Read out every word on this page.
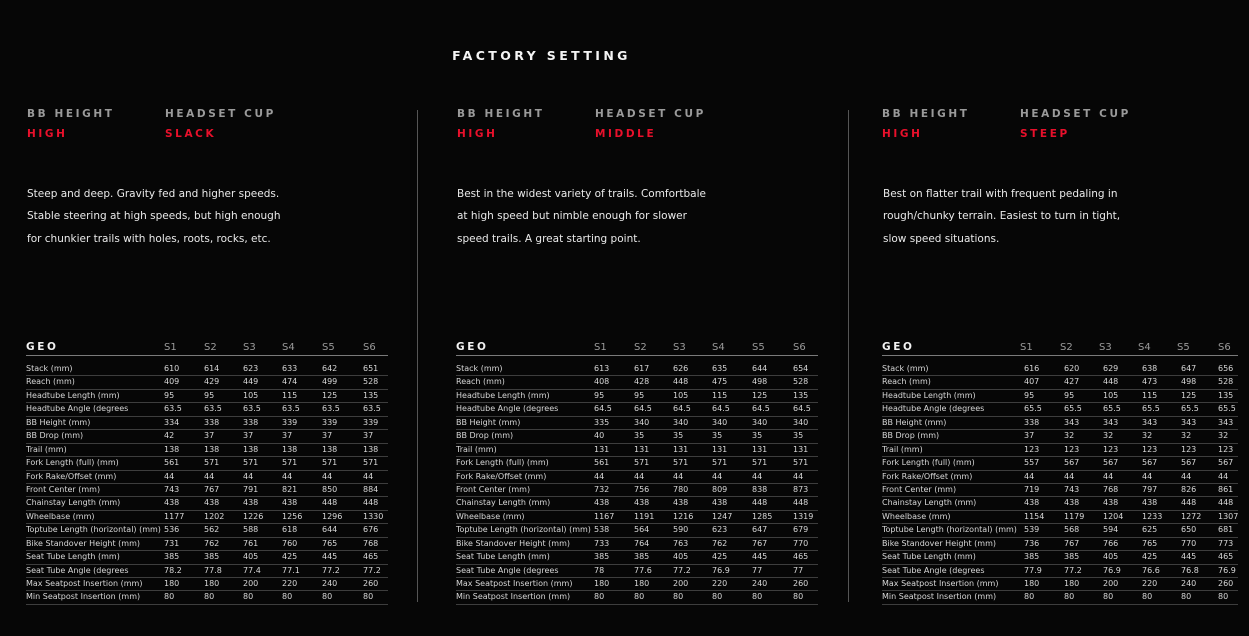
FACTORY SETTING
BB HEIGHT	HEADSET CUP
HIGH	SLACK
Steep and deep. Gravity fed and higher speeds.
Stable steering at high speeds, but high enough
for chunkier trails with holes, roots, rocks, etc.
GEO	S1	S2	S3	S4	S5	S6
Stack (mm)	610	614	623	633	642	651
Reach (mm)	409	429	449	474	499	528
Headtube Length (mm)	95	95	105	115	125	135
Headtube Angle (degrees	63.5	63.5	63.5	63.5	63.5	63.5
BB Height (mm)	334	338	338	339	339	339
BB Drop (mm)	42	37	37	37	37	37
Trail (mm)	138	138	138	138	138	138
Fork Length (full) (mm)	561	571	571	571	571	571
Fork Rake/Offset (mm)	44	44	44	44	44	44
Front Center (mm)	743	767	791	821	850	884
Chainstay Length (mm)	438	438	438	438	448	448
Wheelbase (mm)	1177 1202 1226 1256 1296	1330
Toptube Length (horizontal) (mm) 536	562	588	618	644	676
Bike Standover Height (mm)	731	762	761	760	765	768
Seat Tube Length (mm)	385	385	405	425	445	465
Seat Tube Angle (degrees	78.2	77.8	77.4	77.1	77.2	77.2
Max Seatpost Insertion (mm)	180	180	200	220	240	260
Min Seatpost Insertion (mm)	80	80	80	80	80	80
BB HEIGHT	HEADSET CUP
HIGH	MIDDLE
Best in the widest variety of trails. Comfortbale
at high speed but nimble enough for slower
speed trails. A great starting point.
GEO	S1	S2	S3	S4	S5	S6
Stack (mm)	613	617	626	635	644	654
Reach (mm)	408	428	448	475	498	528
Headtube Length (mm)	95	95	105	115	125	135
Headtube Angle (degrees	64.5	64.5	64.5	64.5	64.5	64.5
BB Height (mm)	335	340	340	340	340	340
BB Drop (mm)	40	35	35	35	35	35
Trail (mm)	131	131	131	131	131	131
Fork Length (full) (mm)	561	571	571	571	571	571
Fork Rake/Offset (mm)	44	44	44	44	44	44
Front Center (mm)	732	756	780	809	838	873
Chainstay Length (mm)	438	438	438	438	448	448
Wheelbase (mm)	1167 1191 1216 1247 1285	1319
Toptube Length (horizontal) (mm) 538	564	590	623	647	679
Bike Standover Height (mm)	733	764	763	762	767	770
Seat Tube Length (mm)	385	385	405	425	445	465
Seat Tube Angle (degrees	78	77.6	77.2	76.9	77	77
Max Seatpost Insertion (mm)	180	180	200	220	240	260
Min Seatpost Insertion (mm)	80	80	80	80	80	80
BB HEIGHT	HEADSET CUP
HIGH	STEEP
Best on flatter trail with frequent pedaling in
rough/chunky terrain. Easiest to turn in tight,
slow speed situations.
GEO	S1	S2	S3	S4	S5	S6
Stack (mm)	616	620	629	638	647	656
Reach (mm)	407	427	448	473	498	528
Headtube Length (mm)	95	95	105	115	125	135
Headtube Angle (degrees	65.5	65.5	65.5	65.5	65.5 65.5
BB Height (mm)	338	343	343	343	343	343
BB Drop (mm)	37	32	32	32	32	32
Trail (mm)	123	123	123	123	123	123
Fork Length (full) (mm)	557	567	567	567	567	567
Fork Rake/Offset (mm)	44	44	44	44	44	44
Front Center (mm)	719	743	768	797	826	861
Chainstay Length (mm)	438	438	438	438	448	448
Wheelbase (mm)	1154 1179 1204 1233 1272 1307
Toptube Length (horizontal) (mm) 539	568	594	625	650	681
Bike Standover Height (mm)	736	767	766	765	770	773
Seat Tube Length (mm)	385	385	405	425	445	465
Seat Tube Angle (degrees	77.9	77.2	76.9	76.6	76.8 76.9
Max Seatpost Insertion (mm)	180	180	200	220	240	260
Min Seatpost Insertion (mm)	80	80	80	80	80	80
